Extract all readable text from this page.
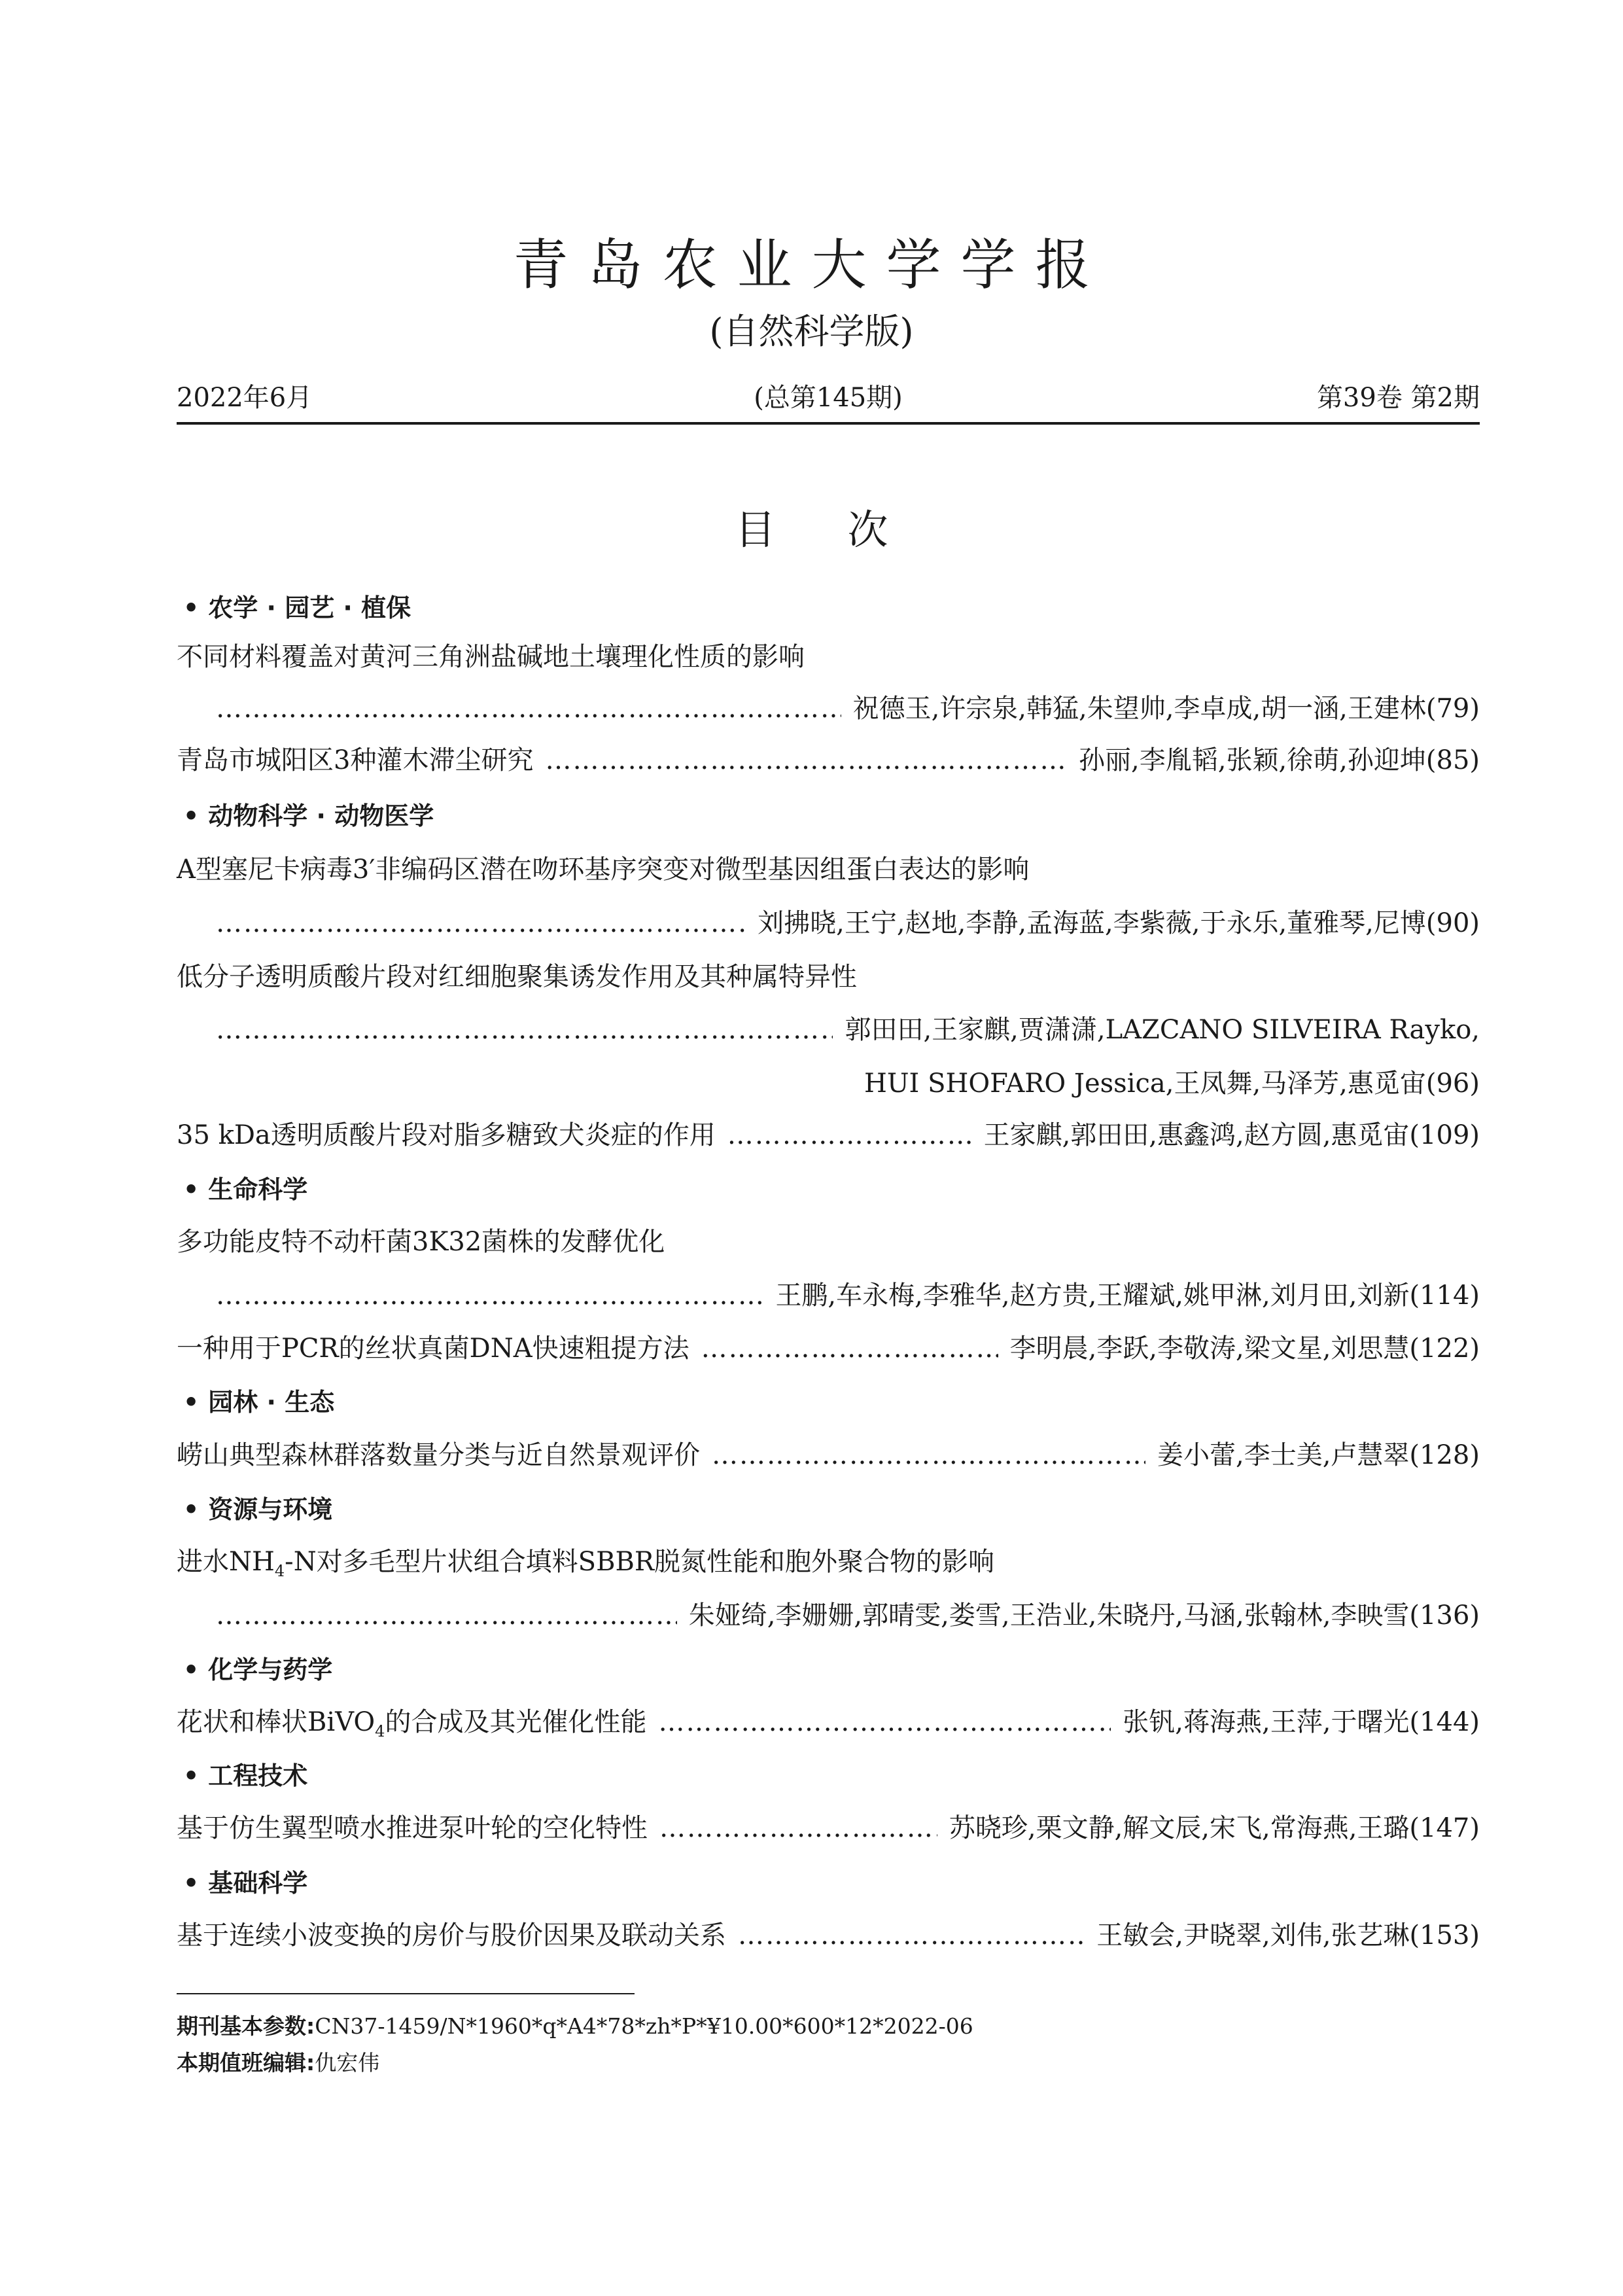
青岛农业大学学报
(自然科学版)
2022年6月	(总第145期)	第39卷 第2期
目次
• 农学 · 园艺 · 植保
不同材料覆盖对黄河三角洲盐碱地土壤理化性质的影响
…………………………………………………………………………………………………………………………………………………………………………………………………………………………
祝德玉,许宗泉,韩猛,朱望帅,李卓成,胡一涵,王建林(79)
青岛市城阳区3种灌木滞尘研究 …………………………………………………………………………………………………………………………………………………………………………………………………………………………	孙丽,李胤韬,张颖,徐萌,孙迎坤(85)
• 动物科学 · 动物医学
A型塞尼卡病毒3′非编码区潜在吻环基序突变对微型基因组蛋白表达的影响
…………………………………………………………………………………………………………………………………………………………………………………………………………………………
刘拂晓,王宁,赵地,李静,孟海蓝,李紫薇,于永乐,董雅琴,尼博(90)
低分子透明质酸片段对红细胞聚集诱发作用及其种属特异性
…………………………………………………………………………………………………………………………………………………………………………………………………………………………
郭田田,王家麒,贾潇潇,LAZCANO SILVEIRA Rayko,
HUI SHOFARO Jessica,王凤舞,马泽芳,惠觅宙(96)
35 kDa透明质酸片段对脂多糖致犬炎症的作用 …………………………………………………………………………………………………………………………………………………………………………………………………………………………	王家麒,郭田田,惠鑫鸿,赵方圆,惠觅宙(109)
• 生命科学
多功能皮特不动杆菌3K32菌株的发酵优化
…………………………………………………………………………………………………………………………………………………………………………………………………………………………
王鹏,车永梅,李雅华,赵方贵,王耀斌,姚甲淋,刘月田,刘新(114)
一种用于PCR的丝状真菌DNA快速粗提方法 …………………………………………………………………………………………………………………………………………………………………………………………………………………………	李明晨,李跃,李敬涛,梁文星,刘思慧(122)
• 园林 · 生态
崂山典型森林群落数量分类与近自然景观评价 …………………………………………………………………………………………………………………………………………………………………………………………………………………………	姜小蕾,李士美,卢慧翠(128)
• 资源与环境
进水$NH_4-N$对多毛型片状组合填料SBBR脱氮性能和胞外聚合物的影响
…………………………………………………………………………………………………………………………………………………………………………………………………………………………
朱娅绮,李姗姗,郭晴雯,娄雪,王浩业,朱晓丹,马涵,张翰林,李映雪(136)
• 化学与药学
花状和棒状BiVO$_4$的合成及其光催化性能 …………………………………………………………………………………………………………………………………………………………………………………………………………………………	张钒,蒋海燕,王萍,于曙光(144)
• 工程技术
基于仿生翼型喷水推进泵叶轮的空化特性 …………………………………………………………………………………………………………………………………………………………………………………………………………………………	苏晓珍,栗文静,解文辰,宋飞,常海燕,王璐(147)
• 基础科学
基于连续小波变换的房价与股价因果及联动关系 …………………………………………………………………………………………………………………………………………………………………………………………………………………………	王敏会,尹晓翠,刘伟,张艺琳(153)
期刊基本参数:CN37-1459/N*1960*q*A4*78*zh*P*¥10.00*600*12*2022-06
本期值班编辑:仇宏伟
